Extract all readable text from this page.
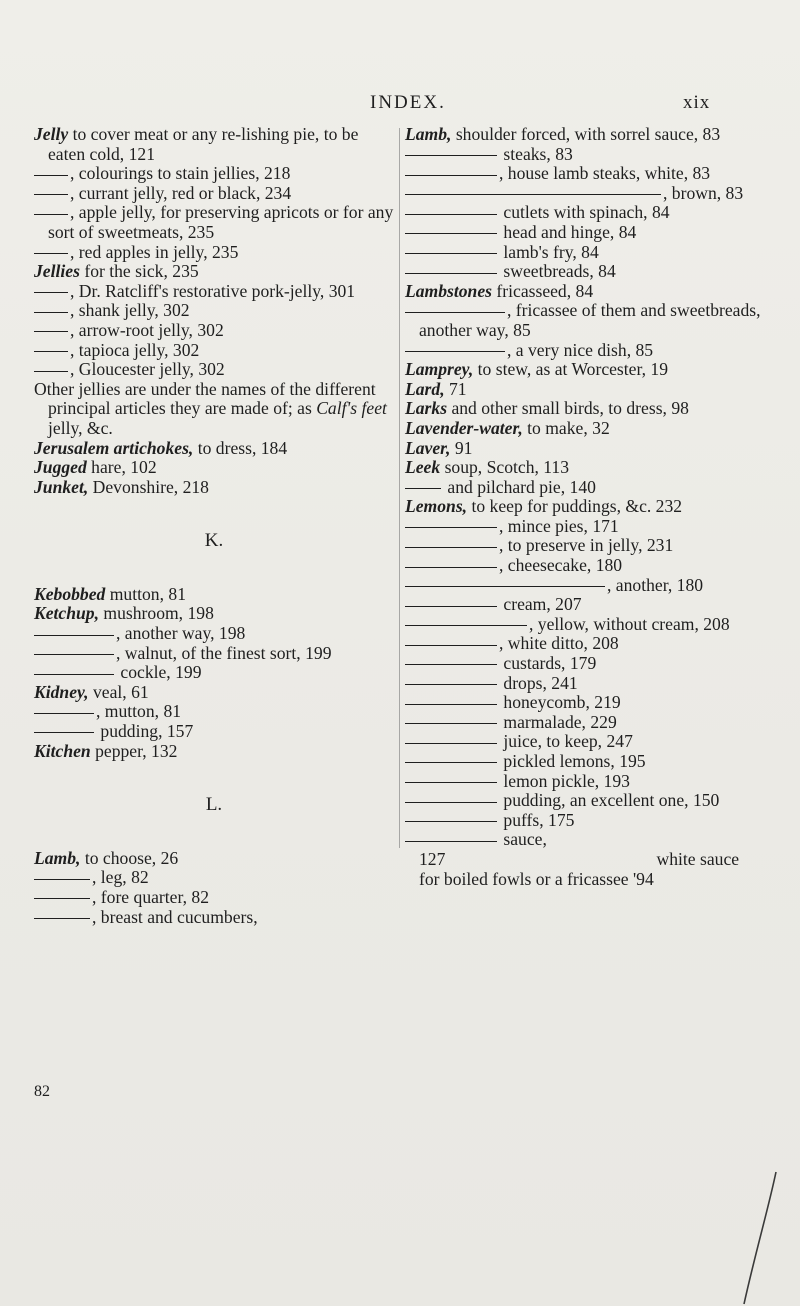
INDEX.	xix
Jelly to cover meat or any re-lishing pie, to be eaten cold, 121
, colourings to stain jellies, 218
, currant jelly, red or black, 234
, apple jelly, for preserving apricots or for any sort of sweetmeats, 235
, red apples in jelly, 235
Jellies for the sick, 235
, Dr. Ratcliff's restorative pork-jelly, 301
, shank jelly, 302
, arrow-root jelly, 302
, tapioca jelly, 302
, Gloucester jelly, 302
Other jellies are under the names of the different principal articles they are made of; as Calf's feet jelly, &c.
Jerusalem artichokes, to dress, 184
Jugged hare, 102
Junket, Devonshire, 218
K.
Kebobbed mutton, 81
Ketchup, mushroom, 198
, another way, 198
, walnut, of the finest sort, 199
cockle, 199
Kidney, veal, 61
, mutton, 81
pudding, 157
Kitchen pepper, 132
L.
Lamb, to choose, 26
, leg, 82
, fore quarter, 82
, breast and cucumbers,
82
Lamb, shoulder forced, with sorrel sauce, 83
steaks, 83
, house lamb steaks, white, 83
, brown, 83
cutlets with spinach, 84
head and hinge, 84
lamb's fry, 84
sweetbreads, 84
Lambstones fricasseed, 84
, fricassee of them and sweetbreads, another way, 85
, a very nice dish, 85
Lamprey, to stew, as at Worcester, 19
Lard, 71
Larks and other small birds, to dress, 98
Lavender-water, to make, 32
Laver, 91
Leek soup, Scotch, 113
and pilchard pie, 140
Lemons, to keep for puddings, &c. 232
, mince pies, 171
, to preserve in jelly, 231
, cheesecake, 180
, another, 180
cream, 207
, yellow, without cream, 208
, white ditto, 208
custards, 179
drops, 241
honeycomb, 219
marmalade, 229
juice, to keep, 247
pickled lemons, 195
lemon pickle, 193
pudding, an excellent one, 150
puffs, 175
sauce, 127                                                white sauce for boiled fowls or a fricassee '94
